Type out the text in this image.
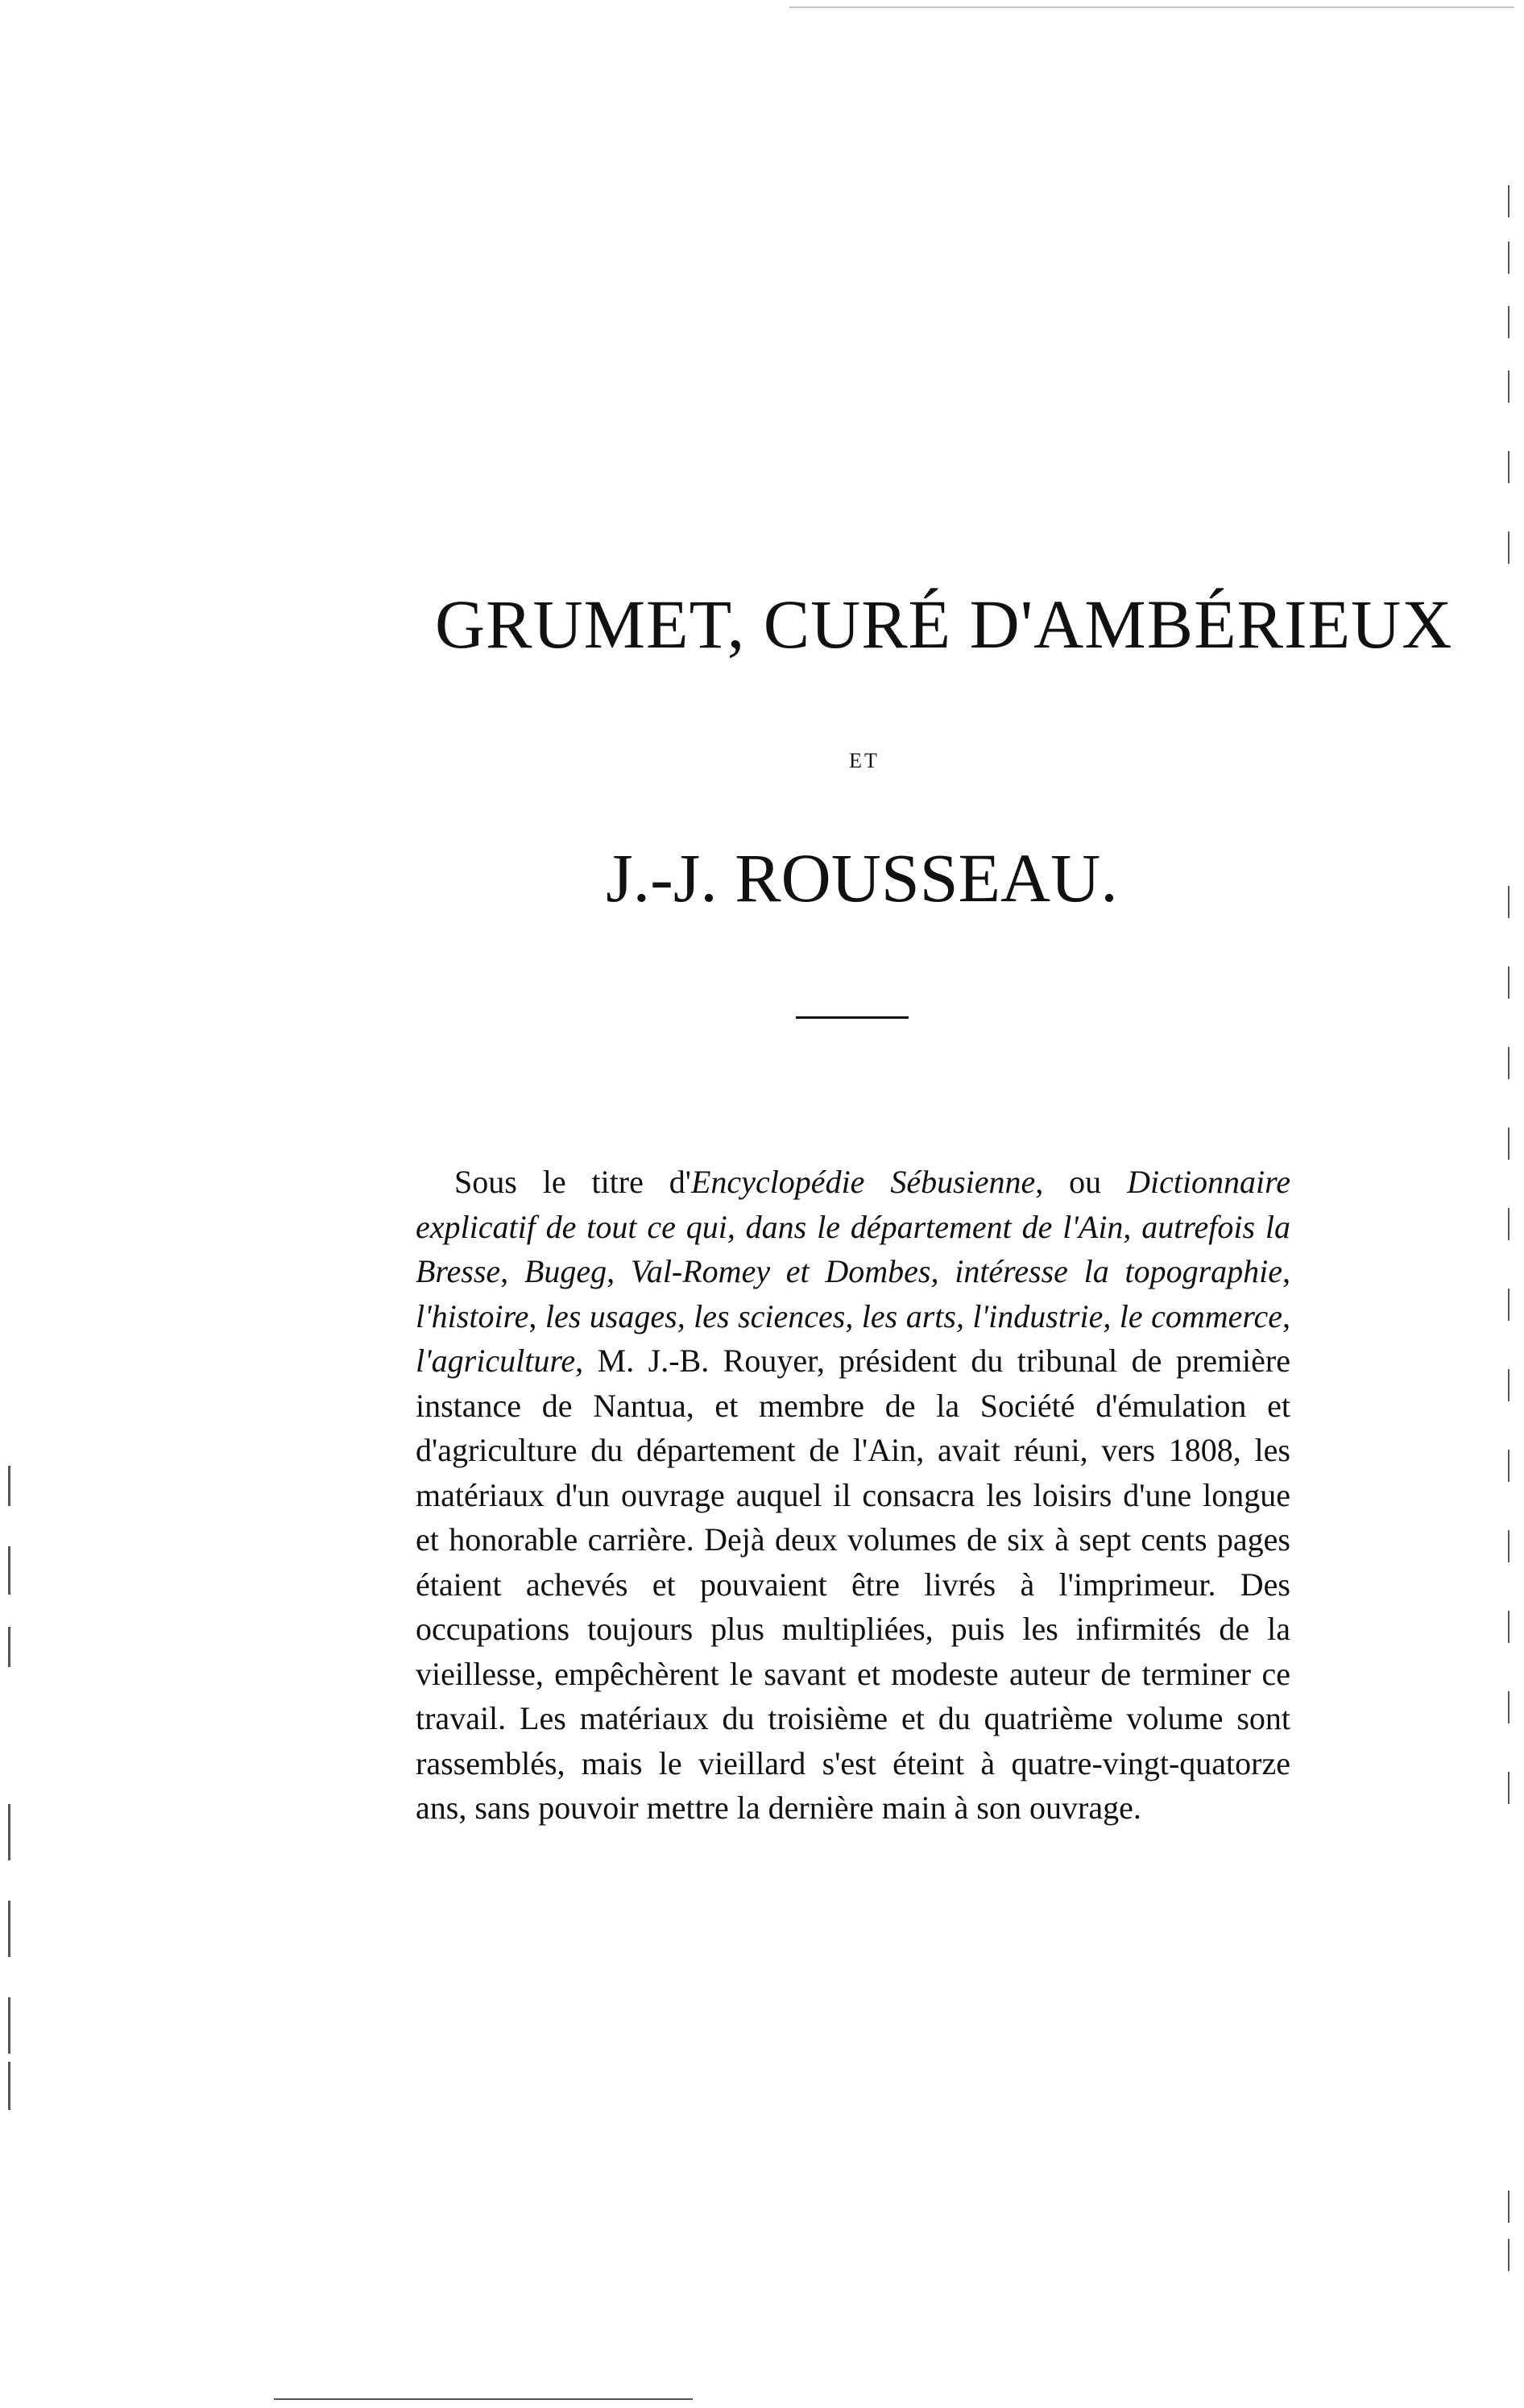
GRUMET, CURÉ D'AMBÉRIEUX
ET
J.-J. ROUSSEAU.

Sous le titre d'Encyclopédie Sébusienne, ou Dictionnaire explicatif de tout ce qui, dans le département de l'Ain, autrefois la Bresse, Bugeg, Val-Romey et Dombes, intéresse la topographie, l'histoire, les usages, les sciences, les arts, l'industrie, le commerce, l'agriculture, M. J.-B. Rouyer, président du tribunal de première instance de Nantua, et membre de la Société d'émulation et d'agriculture du département de l'Ain, avait réuni, vers 1808, les matériaux d'un ouvrage auquel il consacra les loisirs d'une longue et honorable carrière. Dejà deux volumes de six à sept cents pages étaient achevés et pouvaient être livrés à l'imprimeur. Des occupations toujours plus multipliées, puis les infirmités de la vieillesse, empêchèrent le savant et modeste auteur de terminer ce travail. Les matériaux du troisième et du quatrième volume sont rassemblés, mais le vieillard s'est éteint à quatre-vingt-quatorze ans, sans pouvoir mettre la dernière main à son ouvrage.
